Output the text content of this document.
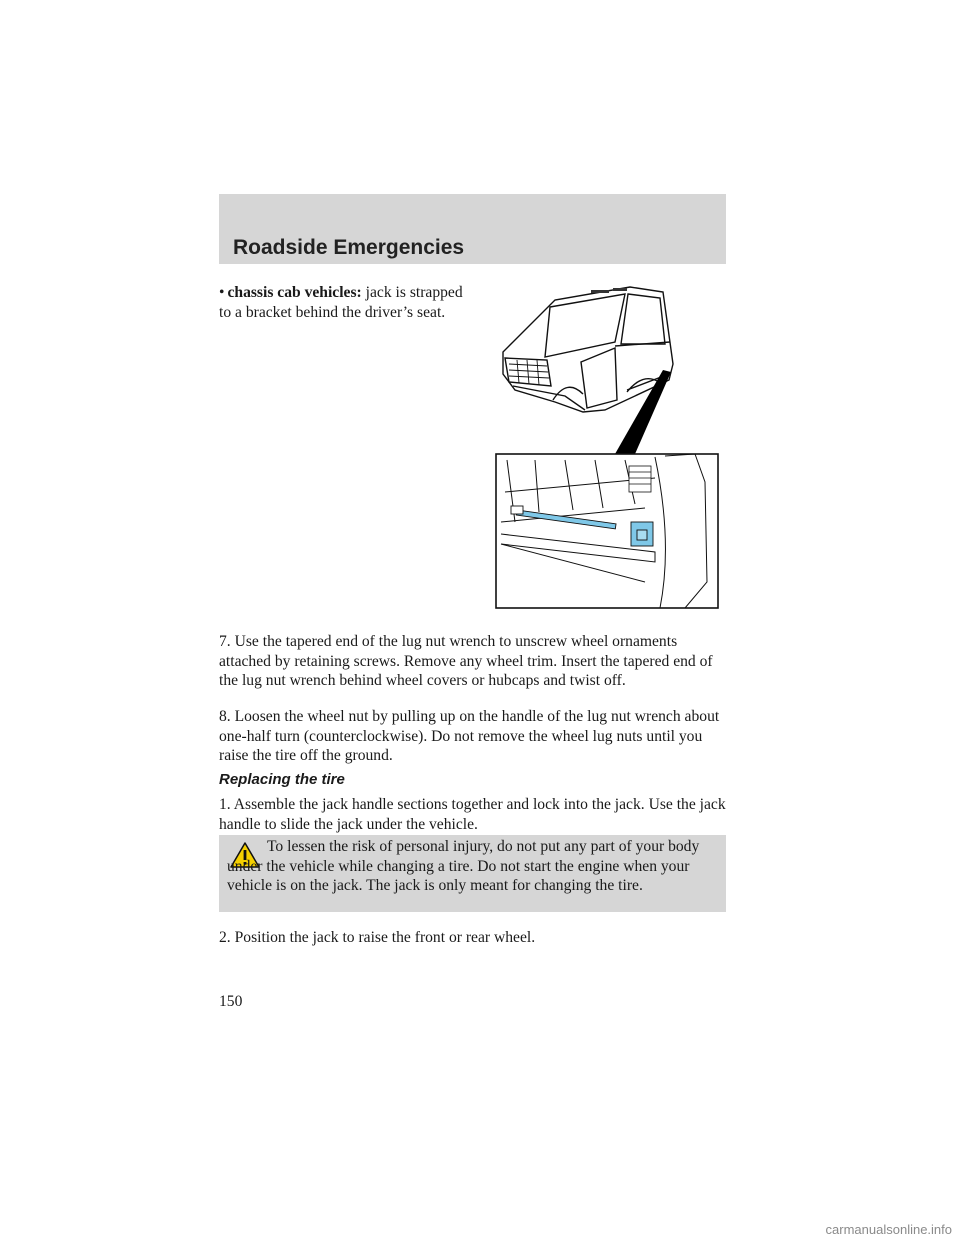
Roadside Emergencies
• chassis cab vehicles: jack is strapped to a bracket behind the driver’s seat.
7. Use the tapered end of the lug nut wrench to unscrew wheel ornaments attached by retaining screws. Remove any wheel trim. Insert the tapered end of the lug nut wrench behind wheel covers or hubcaps and twist off.
8. Loosen the wheel nut by pulling up on the handle of the lug nut wrench about one-half turn (counterclockwise). Do not remove the wheel lug nuts until you raise the tire off the ground.
Replacing the tire
1. Assemble the jack handle sections together and lock into the jack. Use the jack handle to slide the jack under the vehicle.
To lessen the risk of personal injury, do not put any part of your body under the vehicle while changing a tire. Do not start the engine when your vehicle is on the jack. The jack is only meant for changing the tire.
2. Position the jack to raise the front or rear wheel.
150
carmanualsonline.info
